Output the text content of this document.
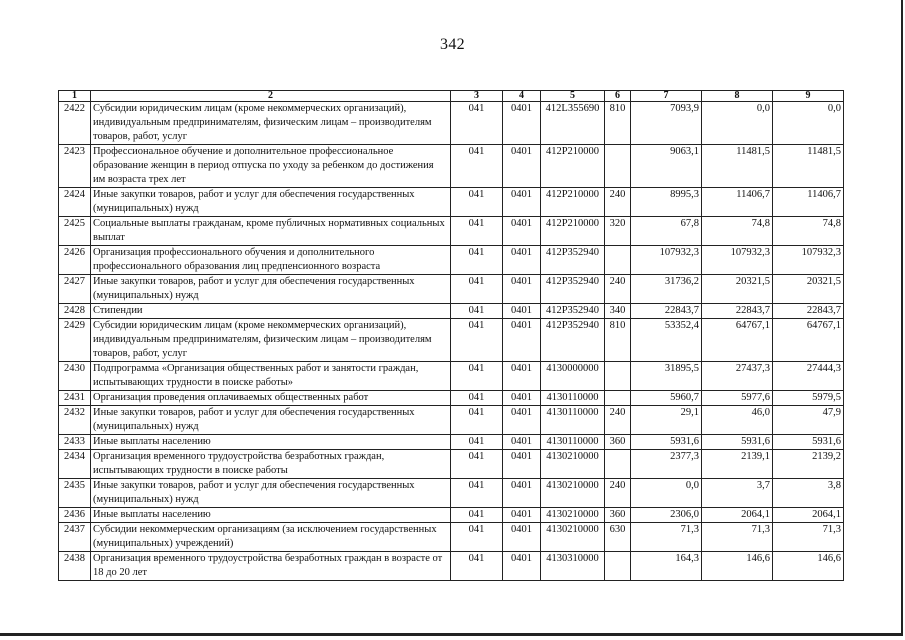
342
1	2	3	4	5	6	7	8	9
2422	Субсидии юридическим лицам (кроме некоммерческих организаций), индивидуальным предпринимателям, физическим лицам – производителям товаров, работ, услуг	041	0401	412L355690	810	7093,9	0,0	0,0
2423	Профессиональное обучение и дополнительное профессиональное образование женщин в период отпуска по уходу за ребенком до достижения им возраста трех лет	041	0401	412P210000		9063,1	11481,5	11481,5
2424	Иные закупки товаров, работ и услуг для обеспечения государственных (муниципальных) нужд	041	0401	412P210000	240	8995,3	11406,7	11406,7
2425	Социальные выплаты гражданам, кроме публичных нормативных социальных выплат	041	0401	412P210000	320	67,8	74,8	74,8
2426	Организация профессионального обучения и дополнительного профессионального образования лиц предпенсионного возраста	041	0401	412P352940		107932,3	107932,3	107932,3
2427	Иные закупки товаров, работ и услуг для обеспечения государственных (муниципальных) нужд	041	0401	412P352940	240	31736,2	20321,5	20321,5
2428	Стипендии	041	0401	412P352940	340	22843,7	22843,7	22843,7
2429	Субсидии юридическим лицам (кроме некоммерческих организаций), индивидуальным предпринимателям, физическим лицам – производителям товаров, работ, услуг	041	0401	412P352940	810	53352,4	64767,1	64767,1
2430	Подпрограмма «Организация общественных работ и занятости граждан, испытывающих трудности в поиске работы»	041	0401	4130000000		31895,5	27437,3	27444,3
2431	Организация проведения оплачиваемых общественных работ	041	0401	4130110000		5960,7	5977,6	5979,5
2432	Иные закупки товаров, работ и услуг для обеспечения государственных (муниципальных) нужд	041	0401	4130110000	240	29,1	46,0	47,9
2433	Иные выплаты населению	041	0401	4130110000	360	5931,6	5931,6	5931,6
2434	Организация временного трудоустройства безработных граждан, испытывающих трудности в поиске работы	041	0401	4130210000		2377,3	2139,1	2139,2
2435	Иные закупки товаров, работ и услуг для обеспечения государственных (муниципальных) нужд	041	0401	4130210000	240	0,0	3,7	3,8
2436	Иные выплаты населению	041	0401	4130210000	360	2306,0	2064,1	2064,1
2437	Субсидии некоммерческим организациям (за исключением государственных (муниципальных) учреждений)	041	0401	4130210000	630	71,3	71,3	71,3
2438	Организация временного трудоустройства безработных граждан в возрасте от 18 до 20 лет	041	0401	4130310000		164,3	146,6	146,6
